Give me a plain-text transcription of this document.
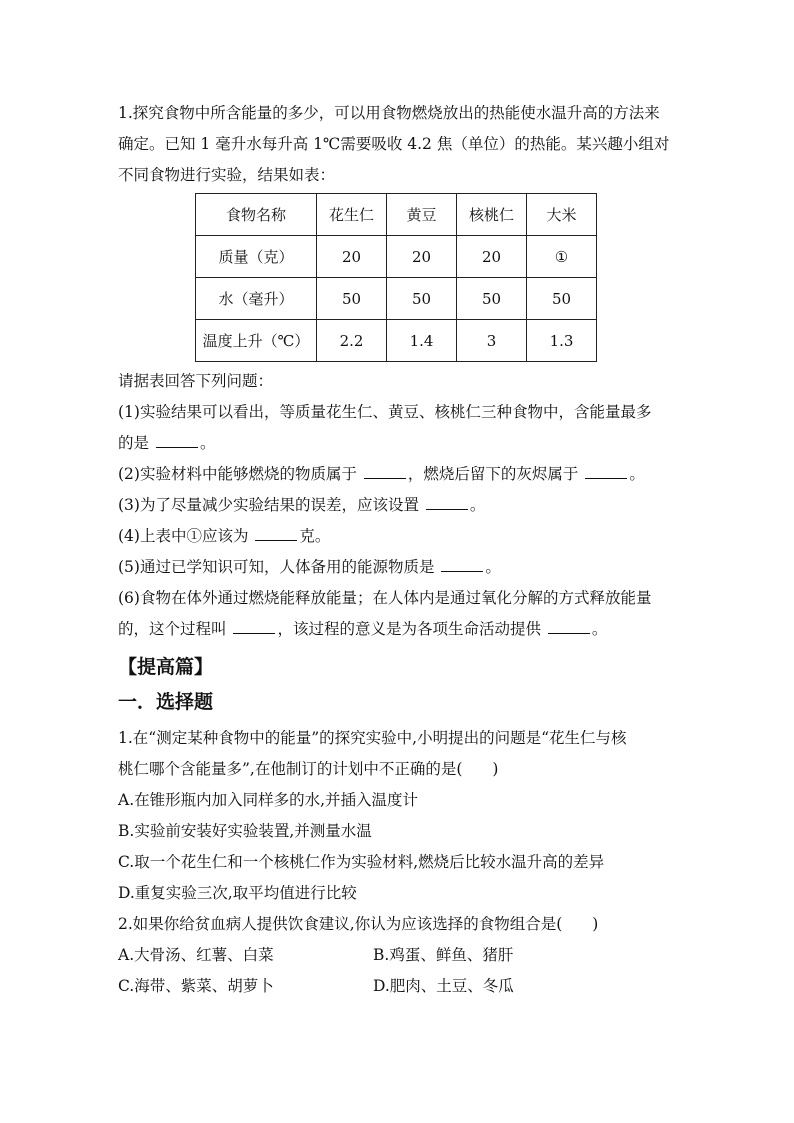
1.探究食物中所含能量的多少，可以用食物燃烧放出的热能使水温升高的方法来

确定。已知 1 毫升水每升高 1℃需要吸收 4.2 焦（单位）的热能。某兴趣小组对

不同食物进行实验，结果如表：

食物名称	花生仁	黄豆	核桃仁	大米
质量（克）	20	20	20	①
水（毫升）	50	50	50	50
温度上升（℃）	2.2	1.4	3	1.3

请据表回答下列问题：

(1)实验结果可以看出，等质量花生仁、黄豆、核桃仁三种食物中，含能量最多

的是	。

(2)实验材料中能够燃烧的物质属于	，燃烧后留下的灰烬属于	。

(3)为了尽量减少实验结果的误差，应该设置	。

(4)上表中①应该为	克。

(5)通过已学知识可知，人体备用的能源物质是	。

(6)食物在体外通过燃烧能释放能量；在人体内是通过氧化分解的方式释放能量

的，这个过程叫	，该过程的意义是为各项生命活动提供	。

【提高篇】

一．选择题

1.在“测定某种食物中的能量”的探究实验中,小明提出的问题是“花生仁与核

桃仁哪个含能量多”,在他制订的计划中不正确的是( )

A.在锥形瓶内加入同样多的水,并插入温度计

B.实验前安装好实验装置,并测量水温

C.取一个花生仁和一个核桃仁作为实验材料,燃烧后比较水温升高的差异

D.重复实验三次,取平均值进行比较

2.如果你给贫血病人提供饮食建议,你认为应该选择的食物组合是( )

A.大骨汤、红薯、白菜	B.鸡蛋、鲜鱼、猪肝
C.海带、紫菜、胡萝卜	D.肥肉、土豆、冬瓜
